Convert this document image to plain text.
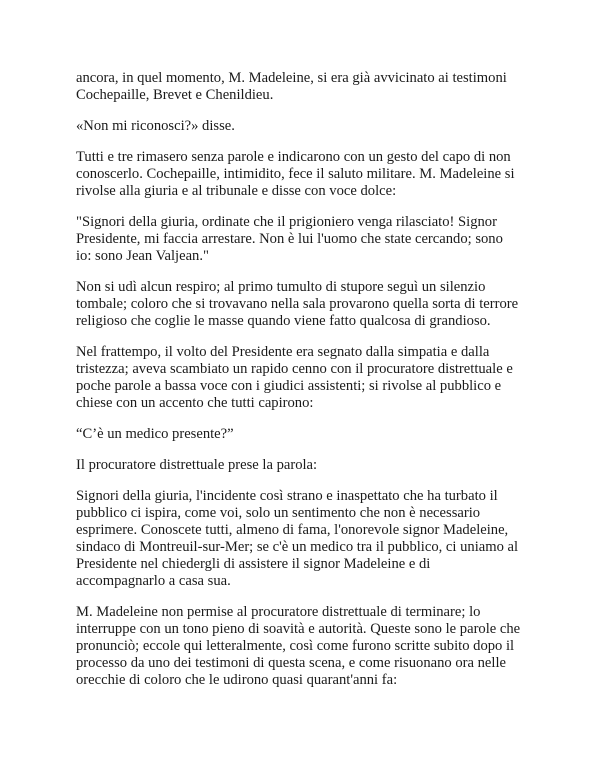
ancora, in quel momento, M. Madeleine, si era già avvicinato ai testimoni
Cochepaille, Brevet e Chenildieu.

«Non mi riconosci?» disse.

Tutti e tre rimasero senza parole e indicarono con un gesto del capo di non
conoscerlo. Cochepaille, intimidito, fece il saluto militare. M. Madeleine si
rivolse alla giuria e al tribunale e disse con voce dolce:

"Signori della giuria, ordinate che il prigioniero venga rilasciato! Signor
Presidente, mi faccia arrestare. Non è lui l'uomo che state cercando; sono
io: sono Jean Valjean."

Non si udì alcun respiro; al primo tumulto di stupore seguì un silenzio
tombale; coloro che si trovavano nella sala provarono quella sorta di terrore
religioso che coglie le masse quando viene fatto qualcosa di grandioso.

Nel frattempo, il volto del Presidente era segnato dalla simpatia e dalla
tristezza; aveva scambiato un rapido cenno con il procuratore distrettuale e
poche parole a bassa voce con i giudici assistenti; si rivolse al pubblico e
chiese con un accento che tutti capirono:

“C’è un medico presente?”

Il procuratore distrettuale prese la parola:

Signori della giuria, l'incidente così strano e inaspettato che ha turbato il
pubblico ci ispira, come voi, solo un sentimento che non è necessario
esprimere. Conoscete tutti, almeno di fama, l'onorevole signor Madeleine,
sindaco di Montreuil-sur-Mer; se c'è un medico tra il pubblico, ci uniamo al
Presidente nel chiedergli di assistere il signor Madeleine e di
accompagnarlo a casa sua.

M. Madeleine non permise al procuratore distrettuale di terminare; lo
interruppe con un tono pieno di soavità e autorità. Queste sono le parole che
pronunciò; eccole qui letteralmente, così come furono scritte subito dopo il
processo da uno dei testimoni di questa scena, e come risuonano ora nelle
orecchie di coloro che le udirono quasi quarant'anni fa:
